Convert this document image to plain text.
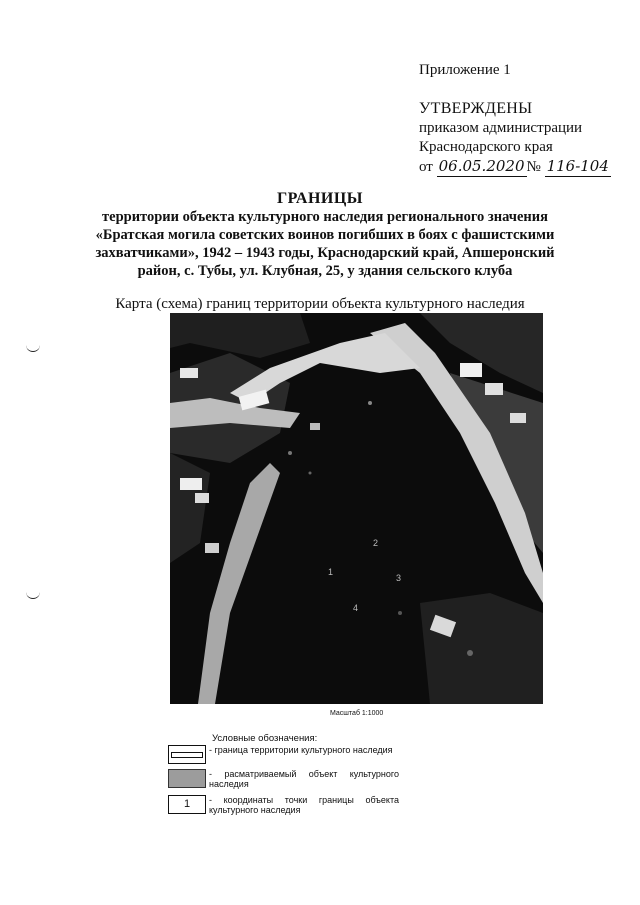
Приложение 1
УТВЕРЖДЕНЫ
приказом администрации
Краснодарского края
от 06.05.2020 № 116-104
ГРАНИЦЫ
территории объекта культурного наследия регионального значения «Братская могила советских воинов погибших в боях с фашистскими захватчиками», 1942 – 1943 годы, Краснодарский край, Апшеронский район, с. Тубы, ул. Клубная, 25, у здания сельского клуба
Карта (схема) границ территории объекта культурного наследия
1
2
3
4
Масштаб 1:1000
Условные обозначения:
- граница территории культурного наследия
- расматриваемый объект культурного наследия
1	- координаты точки границы объекта культурного наследия
